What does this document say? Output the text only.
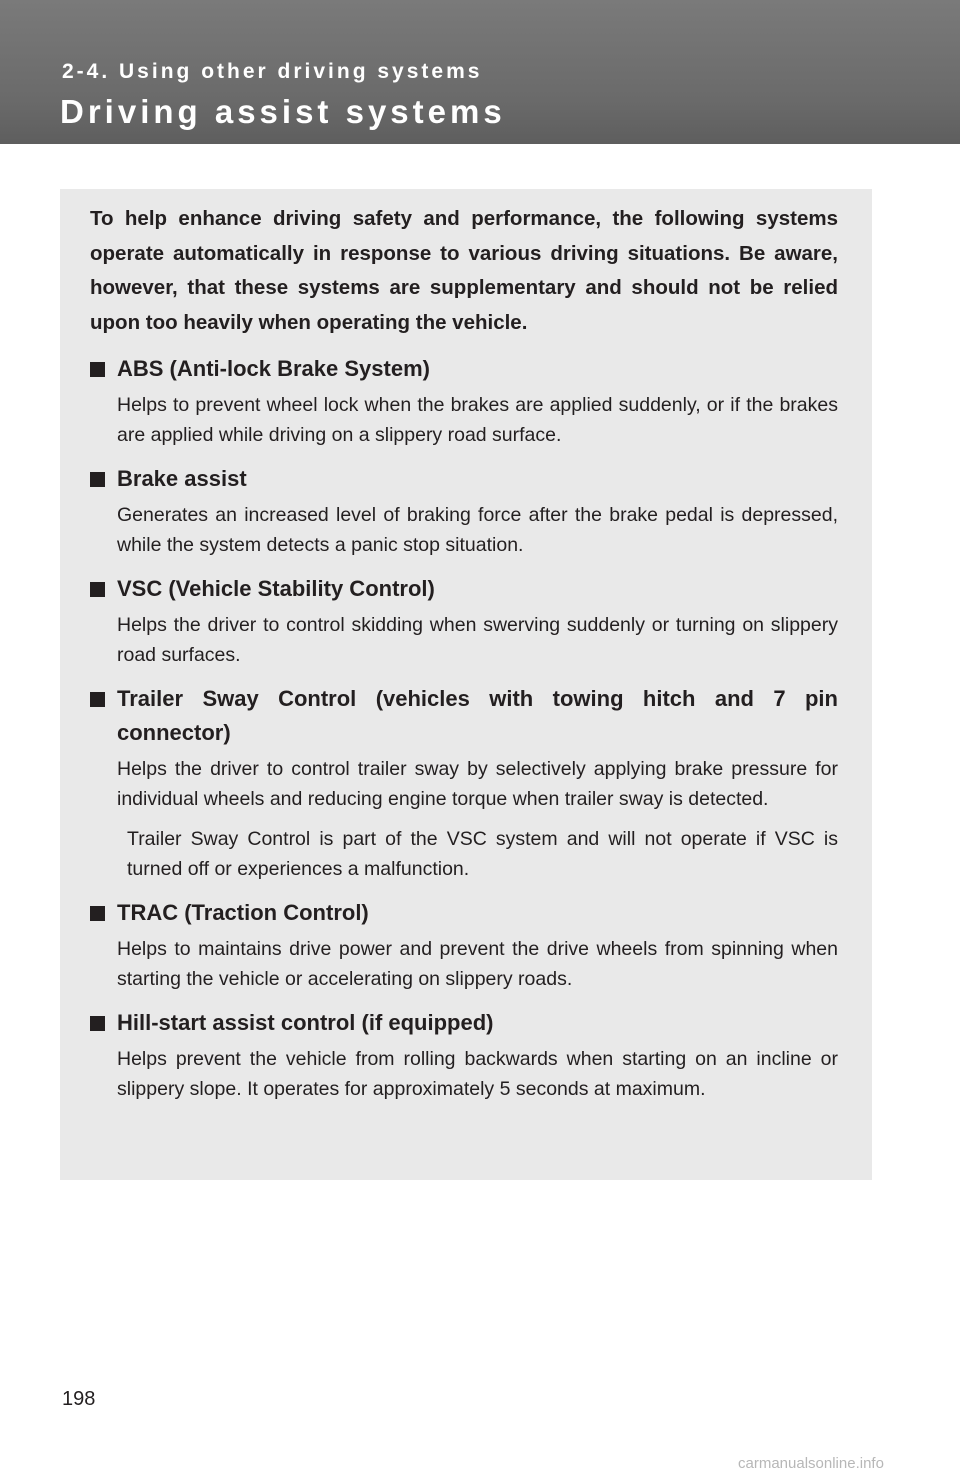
2-4. Using other driving systems
Driving assist systems

To help enhance driving safety and performance, the following systems operate automatically in response to various driving situations. Be aware, however, that these systems are supplementary and should not be relied upon too heavily when operating the vehicle.

ABS (Anti-lock Brake System)

Helps to prevent wheel lock when the brakes are applied suddenly, or if the brakes are applied while driving on a slippery road surface.

Brake assist

Generates an increased level of braking force after the brake pedal is depressed, while the system detects a panic stop situation.

VSC (Vehicle Stability Control)

Helps the driver to control skidding when swerving suddenly or turning on slippery road surfaces.

Trailer Sway Control (vehicles with towing hitch and 7 pin connector)

Helps the driver to control trailer sway by selectively applying brake pressure for individual wheels and reducing engine torque when trailer sway is detected.

Trailer Sway Control is part of the VSC system and will not operate if VSC is turned off or experiences a malfunction.

TRAC (Traction Control)

Helps to maintains drive power and prevent the drive wheels from spinning when starting the vehicle or accelerating on slippery roads.

Hill-start assist control (if equipped)

Helps prevent the vehicle from rolling backwards when starting on an incline or slippery slope. It operates for approximately 5 seconds at maximum.

198
carmanualsonline.info
